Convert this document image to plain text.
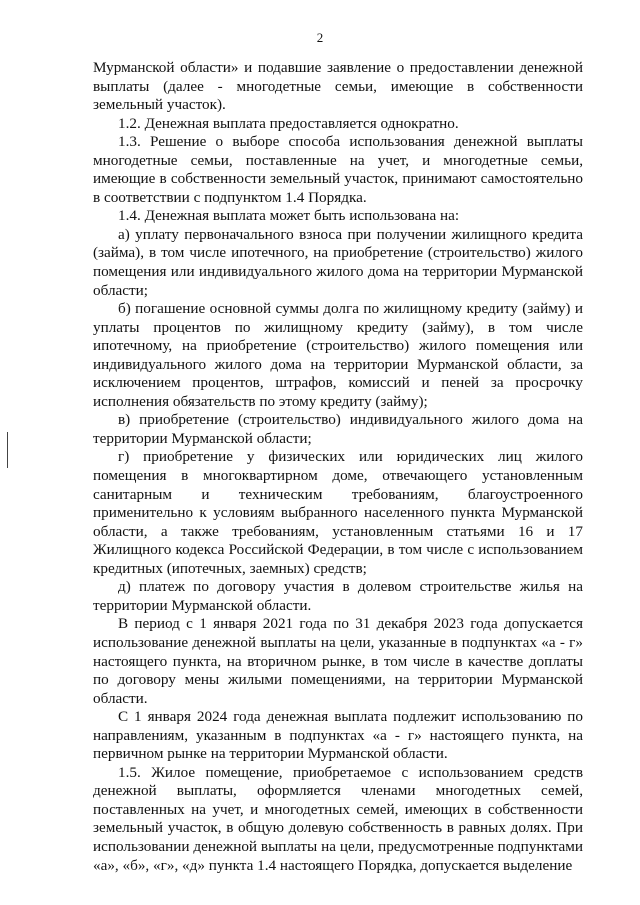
2

Мурманской области» и подавшие заявление о предоставлении денежной выплаты (далее - многодетные семьи, имеющие в собственности земельный участок).

1.2. Денежная выплата предоставляется однократно.

1.3. Решение о выборе способа использования денежной выплаты многодетные семьи, поставленные на учет, и многодетные семьи, имеющие в собственности земельный участок, принимают самостоятельно в соответствии с подпунктом 1.4 Порядка.

1.4. Денежная выплата может быть использована на:

а) уплату первоначального взноса при получении жилищного кредита (займа), в том числе ипотечного, на приобретение (строительство) жилого помещения или индивидуального жилого дома на территории Мурманской области;

б) погашение основной суммы долга по жилищному кредиту (займу) и уплаты процентов по жилищному кредиту (займу), в том числе ипотечному, на приобретение (строительство) жилого помещения или индивидуального жилого дома на территории Мурманской области, за исключением процентов, штрафов, комиссий и пеней за просрочку исполнения обязательств по этому кредиту (займу);

в) приобретение (строительство) индивидуального жилого дома на территории Мурманской области;

г) приобретение у физических или юридических лиц жилого помещения в многоквартирном доме, отвечающего установленным санитарным и техническим требованиям, благоустроенного применительно к условиям выбранного населенного пункта Мурманской области, а также требованиям, установленным статьями 16 и 17 Жилищного кодекса Российской Федерации, в том числе с использованием кредитных (ипотечных, заемных) средств;

д) платеж по договору участия в долевом строительстве жилья на территории Мурманской области.

В период с 1 января 2021 года по 31 декабря 2023 года допускается использование денежной выплаты на цели, указанные в подпунктах «а - г» настоящего пункта, на вторичном рынке, в том числе в качестве доплаты по договору мены жилыми помещениями, на территории Мурманской области.

С 1 января 2024 года денежная выплата подлежит использованию по направлениям, указанным в подпунктах «а - г» настоящего пункта, на первичном рынке на территории Мурманской области.

1.5. Жилое помещение, приобретаемое с использованием средств денежной выплаты, оформляется членами многодетных семей, поставленных на учет, и многодетных семей, имеющих в собственности земельный участок, в общую долевую собственность в равных долях. При использовании денежной выплаты на цели, предусмотренные подпунктами «а», «б», «г», «д» пункта 1.4 настоящего Порядка, допускается выделение
